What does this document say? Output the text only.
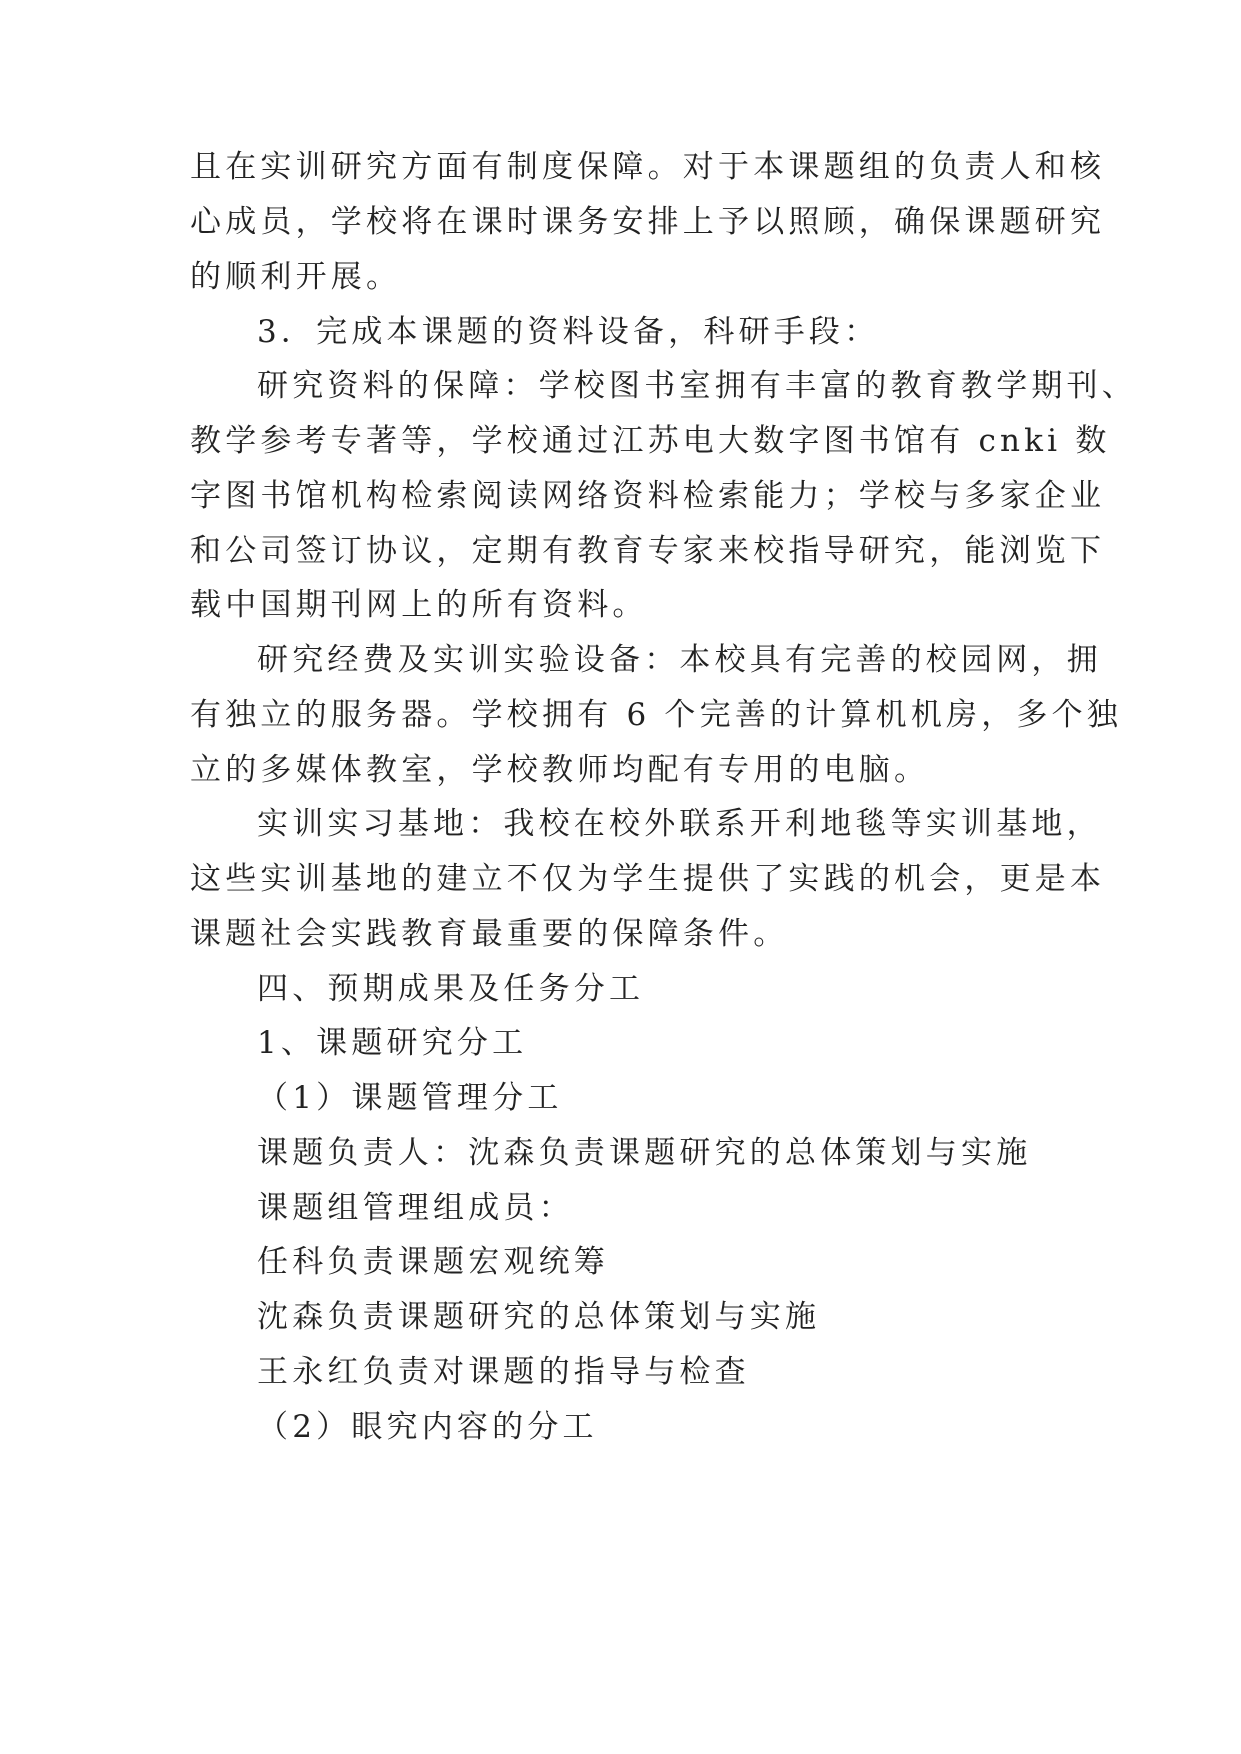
且在实训研究方面有制度保障。对于本课题组的负责人和核
心成员，学校将在课时课务安排上予以照顾，确保课题研究
的顺利开展。
3．完成本课题的资料设备，科研手段：
研究资料的保障：学校图书室拥有丰富的教育教学期刊、
教学参考专著等，学校通过江苏电大数字图书馆有 cnki 数
字图书馆机构检索阅读网络资料检索能力；学校与多家企业
和公司签订协议，定期有教育专家来校指导研究，能浏览下
载中国期刊网上的所有资料。
研究经费及实训实验设备：本校具有完善的校园网，拥
有独立的服务器。学校拥有 6 个完善的计算机机房，多个独
立的多媒体教室，学校教师均配有专用的电脑。
实训实习基地：我校在校外联系开利地毯等实训基地，
这些实训基地的建立不仅为学生提供了实践的机会，更是本
课题社会实践教育最重要的保障条件。
四、预期成果及任务分工
1、课题研究分工
（1）课题管理分工
课题负责人：沈森负责课题研究的总体策划与实施
课题组管理组成员：
任科负责课题宏观统筹
沈森负责课题研究的总体策划与实施
王永红负责对课题的指导与检查
（2）眼究内容的分工
